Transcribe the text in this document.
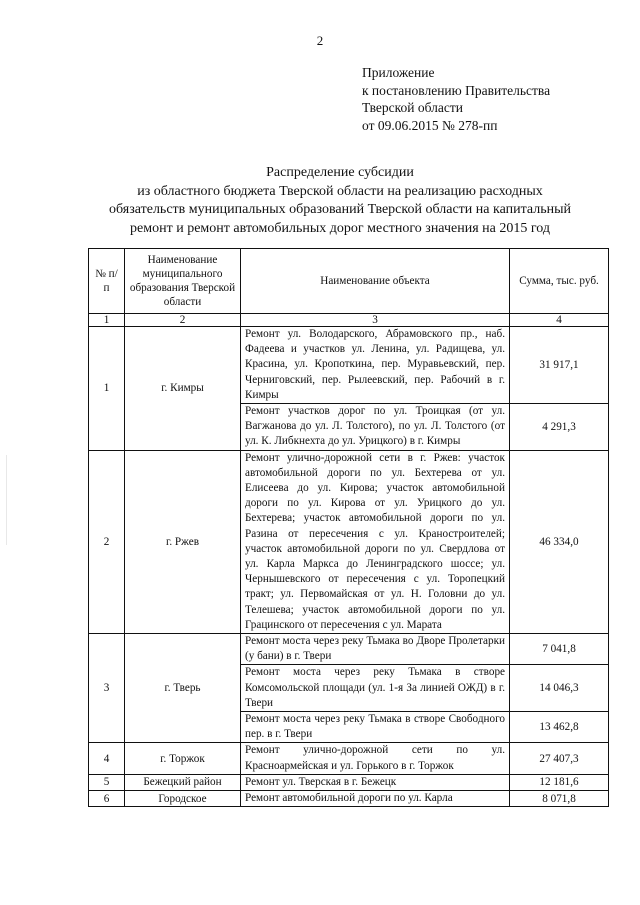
2
Приложение
к постановлению Правительства
Тверской области
от 09.06.2015 № 278-пп
Распределение субсидии
из областного бюджета Тверской области на реализацию расходных
обязательств муниципальных образований Тверской области на капитальный
ремонт и ремонт автомобильных дорог местного значения на 2015 год
№ п/п	Наименование муниципального образования Тверской области	Наименование объекта	Сумма, тыс. руб.
1	2	3	4
1	г. Кимры	Ремонт ул. Володарского, Абрамовского пр., наб. Фадеева и участков ул. Ленина, ул. Радищева, ул. Красина, ул. Кропоткина, пер. Муравьевский, пер. Черниговский, пер. Рылеевский, пер. Рабочий в г. Кимры	31 917,1
		Ремонт участков дорог по ул. Троицкая (от ул. Вагжанова до ул. Л. Толстого), по ул. Л. Толстого (от ул. К. Либкнехта до ул. Урицкого) в г. Кимры	4 291,3
2	г. Ржев	Ремонт улично-дорожной сети в г. Ржев: участок автомобильной дороги по ул. Бехтерева от ул. Елисеева до ул. Кирова; участок автомобильной дороги по ул. Кирова от ул. Урицкого до ул. Бехтерева; участок автомобильной дороги по ул. Разина от пересечения с ул. Краностроителей; участок автомобильной дороги по ул. Свердлова от ул. Карла Маркса до Ленинградского шоссе; ул. Чернышевского от пересечения с ул. Торопецкий тракт; ул. Первомайская от ул. Н. Головни до ул. Телешева; участок автомобильной дороги по ул. Грацинского от пересечения с ул. Марата	46 334,0
3	г. Тверь	Ремонт моста через реку Тьмака во Дворе Пролетарки (у бани) в г. Твери	7 041,8
		Ремонт моста через реку Тьмака в створе Комсомольской площади (ул. 1-я За линией ОЖД) в г. Твери	14 046,3
		Ремонт моста через реку Тьмака в створе Свободного пер. в г. Твери	13 462,8
4	г. Торжок	Ремонт улично-дорожной сети по ул. Красноармейская и ул. Горького в г. Торжок	27 407,3
5	Бежецкий район	Ремонт ул. Тверская в г. Бежецк	12 181,6
6	Городское	Ремонт автомобильной дороги по ул. Карла	8 071,8
